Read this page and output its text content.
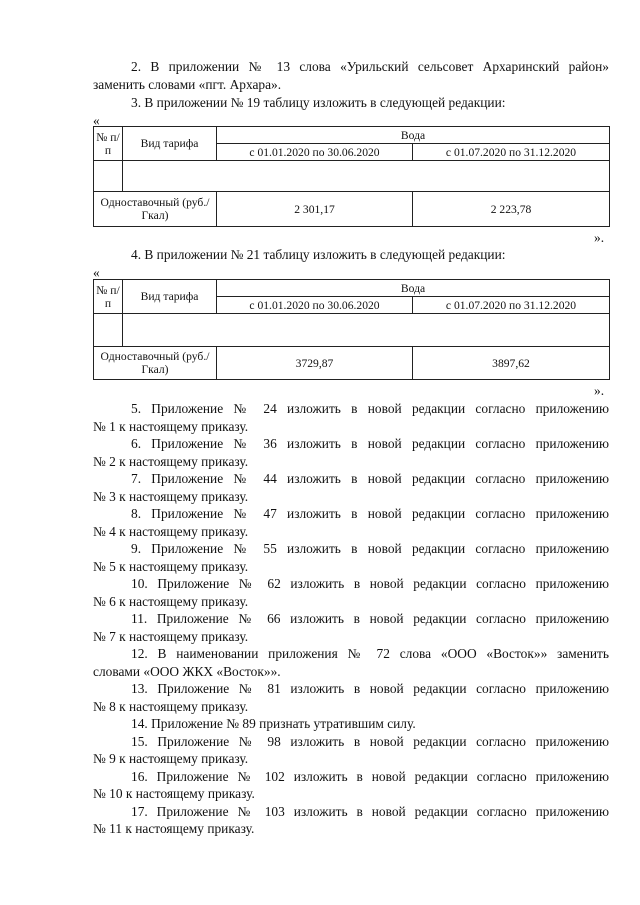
2. В приложении № 13 слова «Урильский сельсовет Архаринский район»
заменить словами «пгт. Архара».
3. В приложении № 19 таблицу изложить в следующей редакции:
«
№ п/п	Вид тарифа	Вода	
		с 01.01.2020 по 30.06.2020	с 01.07.2020 по 31.12.2020

Одноставочный (руб./Гкал)		2 301,17	2 223,78
».
4. В приложении № 21 таблицу изложить в следующей редакции:
«
№ п/п	Вид тарифа	Вода	
		с 01.01.2020 по 30.06.2020	с 01.07.2020 по 31.12.2020

Одноставочный (руб./Гкал)		3729,87	3897,62
».
5. Приложение № 24 изложить в новой редакции согласно приложению
№ 1 к настоящему приказу.
6. Приложение № 36 изложить в новой редакции согласно приложению
№ 2 к настоящему приказу.
7. Приложение № 44 изложить в новой редакции согласно приложению
№ 3 к настоящему приказу.
8. Приложение № 47 изложить в новой редакции согласно приложению
№ 4 к настоящему приказу.
9. Приложение № 55 изложить в новой редакции согласно приложению
№ 5 к настоящему приказу.
10. Приложение № 62 изложить в новой редакции согласно приложению
№ 6 к настоящему приказу.
11. Приложение № 66 изложить в новой редакции согласно приложению
№ 7 к настоящему приказу.
12. В наименовании приложения № 72 слова «ООО «Восток»» заменить
словами «ООО ЖКХ «Восток»».
13. Приложение № 81 изложить в новой редакции согласно приложению
№ 8 к настоящему приказу.
14. Приложение № 89 признать утратившим силу.
15. Приложение № 98 изложить в новой редакции согласно приложению
№ 9 к настоящему приказу.
16. Приложение № 102 изложить в новой редакции согласно приложению
№ 10 к настоящему приказу.
17. Приложение № 103 изложить в новой редакции согласно приложению
№ 11 к настоящему приказу.
